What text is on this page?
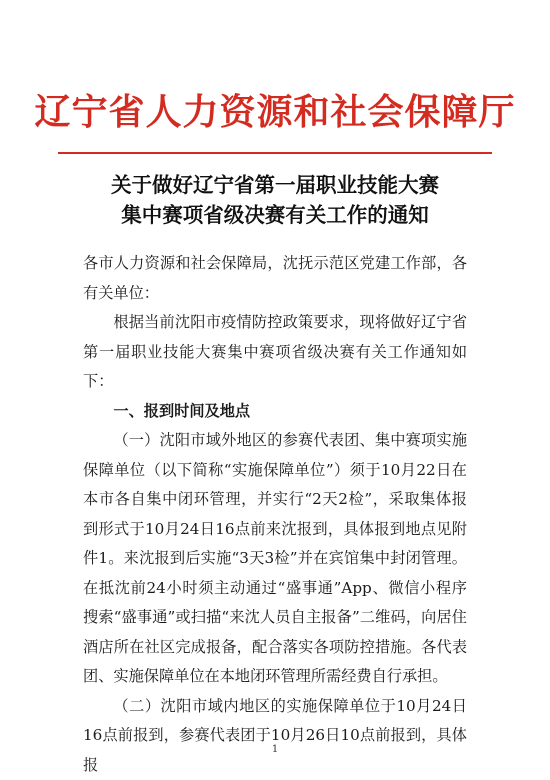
辽宁省人力资源和社会保障厅
关于做好辽宁省第一届职业技能大赛
集中赛项省级决赛有关工作的通知

各市人力资源和社会保障局，沈抚示范区党建工作部，各有关单位：

根据当前沈阳市疫情防控政策要求，现将做好辽宁省第一届职业技能大赛集中赛项省级决赛有关工作通知如下：

一、报到时间及地点

（一）沈阳市域外地区的参赛代表团、集中赛项实施保障单位（以下简称“实施保障单位”）须于10月22日在本市各自集中闭环管理，并实行“2天2检”，采取集体报到形式于10月24日16点前来沈报到，具体报到地点见附件1。来沈报到后实施“3天3检”并在宾馆集中封闭管理。在抵沈前24小时须主动通过“盛事通”App、微信小程序搜索“盛事通”或扫描“来沈人员自主报备”二维码，向居住酒店所在社区完成报备，配合落实各项防控措施。各代表团、实施保障单位在本地闭环管理所需经费自行承担。

（二）沈阳市域内地区的实施保障单位于10月24日16点前报到，参赛代表团于10月26日10点前报到，具体报

1
